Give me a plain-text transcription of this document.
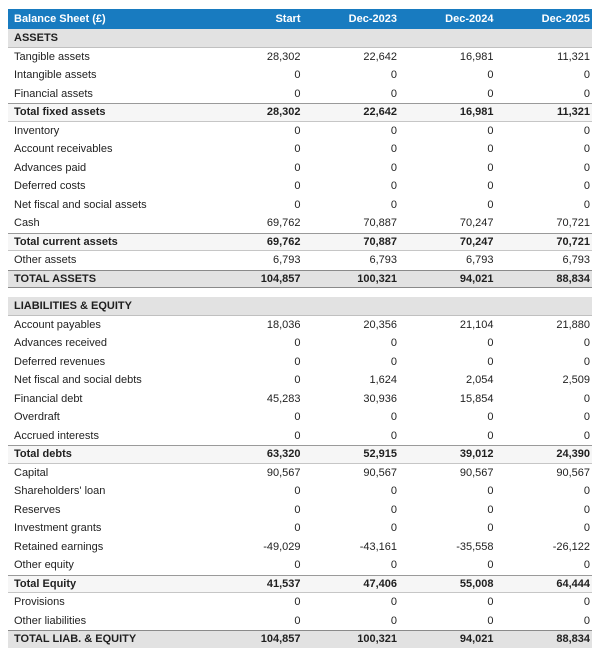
Balance Sheet (£)	Start	Dec-2023	Dec-2024	Dec-2025
ASSETS
Tangible assets	28,302	22,642	16,981	11,321
Intangible assets	0	0	0	0
Financial assets	0	0	0	0
Total fixed assets	28,302	22,642	16,981	11,321
Inventory	0	0	0	0
Account receivables	0	0	0	0
Advances paid	0	0	0	0
Deferred costs	0	0	0	0
Net fiscal and social assets	0	0	0	0
Cash	69,762	70,887	70,247	70,721
Total current assets	69,762	70,887	70,247	70,721
Other assets	6,793	6,793	6,793	6,793
TOTAL ASSETS	104,857	100,321	94,021	88,834
LIABILITIES & EQUITY
Account payables	18,036	20,356	21,104	21,880
Advances received	0	0	0	0
Deferred revenues	0	0	0	0
Net fiscal and social debts	0	1,624	2,054	2,509
Financial debt	45,283	30,936	15,854	0
Overdraft	0	0	0	0
Accrued interests	0	0	0	0
Total debts	63,320	52,915	39,012	24,390
Capital	90,567	90,567	90,567	90,567
Shareholders' loan	0	0	0	0
Reserves	0	0	0	0
Investment grants	0	0	0	0
Retained earnings	-49,029	-43,161	-35,558	-26,122
Other equity	0	0	0	0
Total Equity	41,537	47,406	55,008	64,444
Provisions	0	0	0	0
Other liabilities	0	0	0	0
TOTAL LIAB. & EQUITY	104,857	100,321	94,021	88,834
